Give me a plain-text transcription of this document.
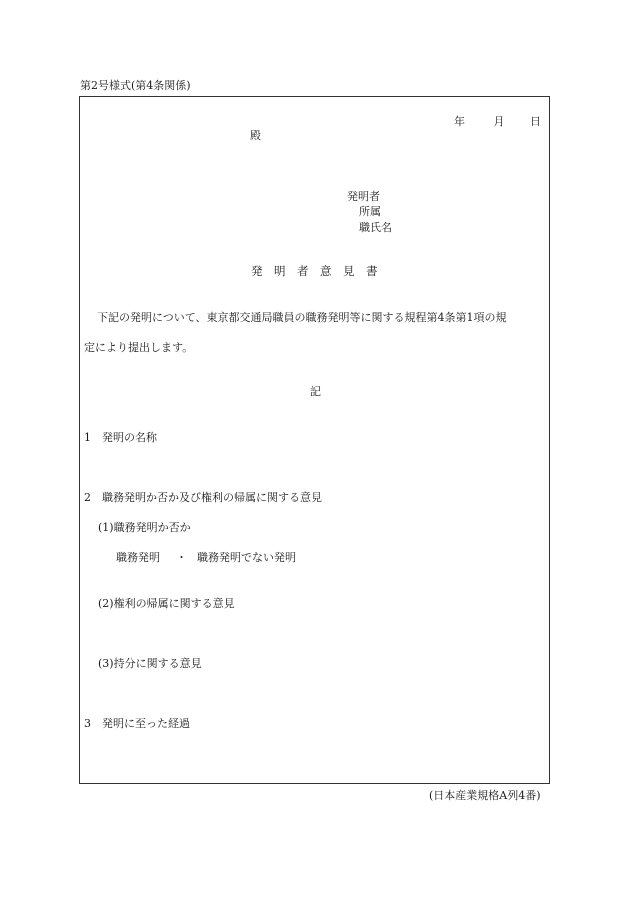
第2号様式(第4条関係)
年	月 日
殿
発明者
所属
職氏名
発　明　者　意　見　書
下記の発明について、東京都交通局職員の職務発明等に関する規程第4条第1項の規
定により提出します。
記
1　発明の名称
2　職務発明か否か及び権利の帰属に関する意見
(1)職務発明か否か
職務発明 ・ 職務発明でない発明
(2)権利の帰属に関する意見
(3)持分に関する意見
3　発明に至った経過
(日本産業規格A列4番)
